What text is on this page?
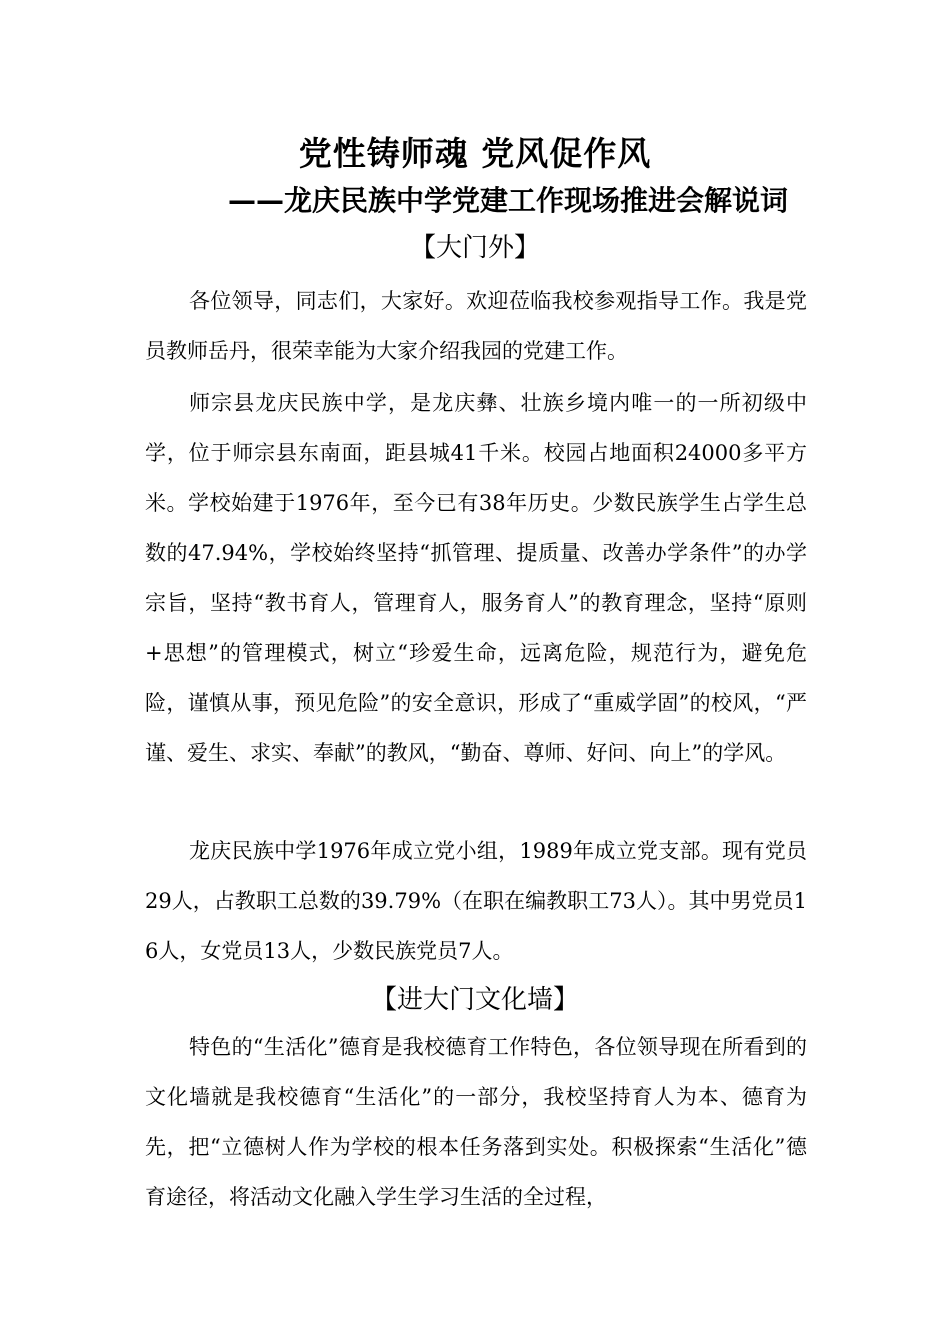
党性铸师魂 党风促作风
——龙庆民族中学党建工作现场推进会解说词
【大门外】

各位领导，同志们，大家好。欢迎莅临我校参观指导工作。我是党员教师岳丹，很荣幸能为大家介绍我园的党建工作。

师宗县龙庆民族中学，是龙庆彝、壮族乡境内唯一的一所初级中学，位于师宗县东南面，距县城41千米。校园占地面积24000多平方米。学校始建于1976年，至今已有38年历史。少数民族学生占学生总数的47.94%，学校始终坚持“抓管理、提质量、改善办学条件”的办学宗旨，坚持“教书育人，管理育人，服务育人”的教育理念，坚持“原则+思想”的管理模式，树立“珍爱生命，远离危险，规范行为，避免危险，谨慎从事，预见危险”的安全意识，形成了“重威学固”的校风，“严谨、爱生、求实、奉献”的教风，“勤奋、尊师、好问、向上”的学风。

龙庆民族中学1976年成立党小组，1989年成立党支部。现有党员29人，占教职工总数的39.79%（在职在编教职工73人）。其中男党员16人，女党员13人，少数民族党员7人。

【进大门文化墙】

特色的“生活化”德育是我校德育工作特色，各位领导现在所看到的文化墙就是我校德育“生活化”的一部分，我校坚持育人为本、德育为先，把“立德树人作为学校的根本任务落到实处。积极探索“生活化”德育途径，将活动文化融入学生学习生活的全过程，
